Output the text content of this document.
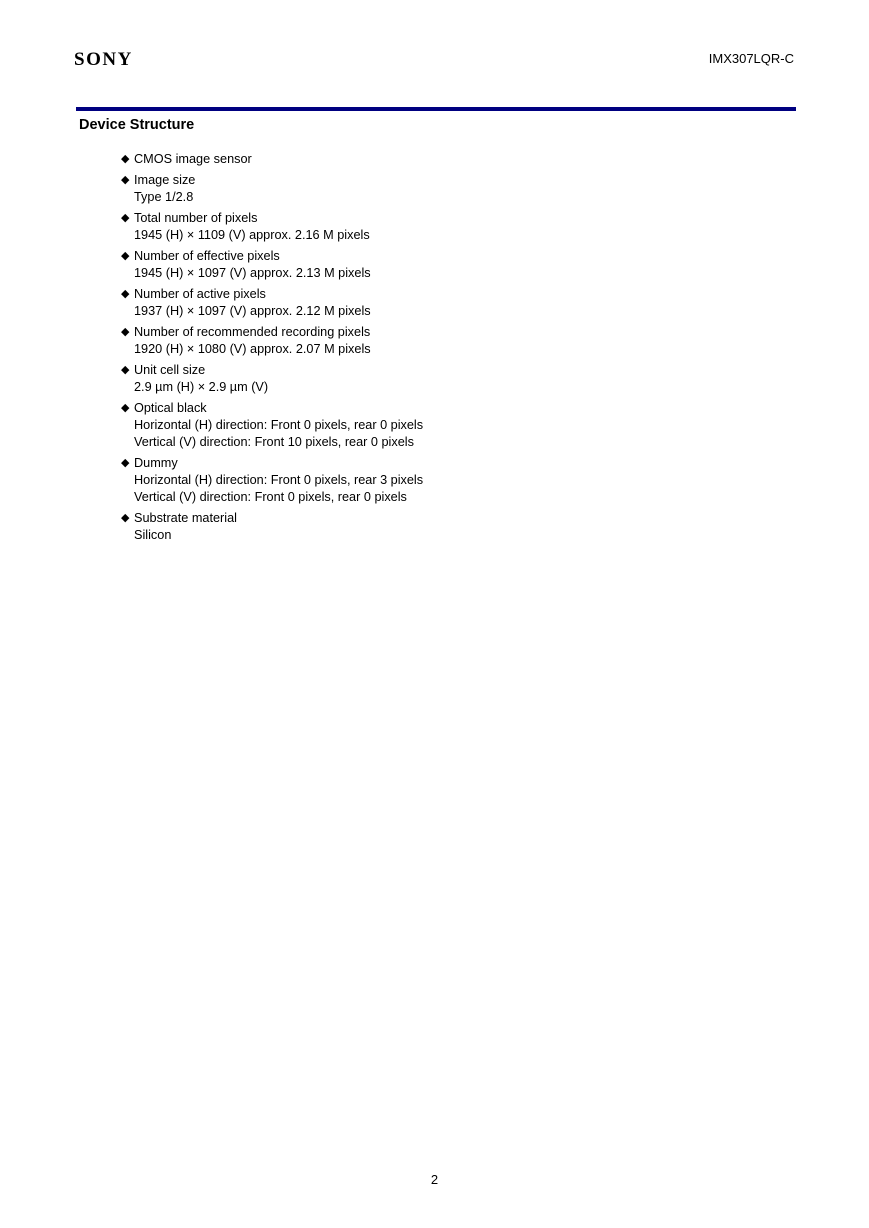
SONY	IMX307LQR-C
Device Structure
◆ CMOS image sensor
◆ Image size
Type 1/2.8
◆ Total number of pixels
1945 (H) × 1109 (V) approx. 2.16 M pixels
◆ Number of effective pixels
1945 (H) × 1097 (V) approx. 2.13 M pixels
◆ Number of active pixels
1937 (H) × 1097 (V) approx. 2.12 M pixels
◆ Number of recommended recording pixels
1920 (H) × 1080 (V) approx. 2.07 M pixels
◆ Unit cell size
2.9 µm (H) × 2.9 µm (V)
◆ Optical black
Horizontal (H) direction: Front 0 pixels, rear 0 pixels
Vertical (V) direction: Front 10 pixels, rear 0 pixels
◆ Dummy
Horizontal (H) direction: Front 0 pixels, rear 3 pixels
Vertical (V) direction: Front 0 pixels, rear 0 pixels
◆ Substrate material
Silicon
2
